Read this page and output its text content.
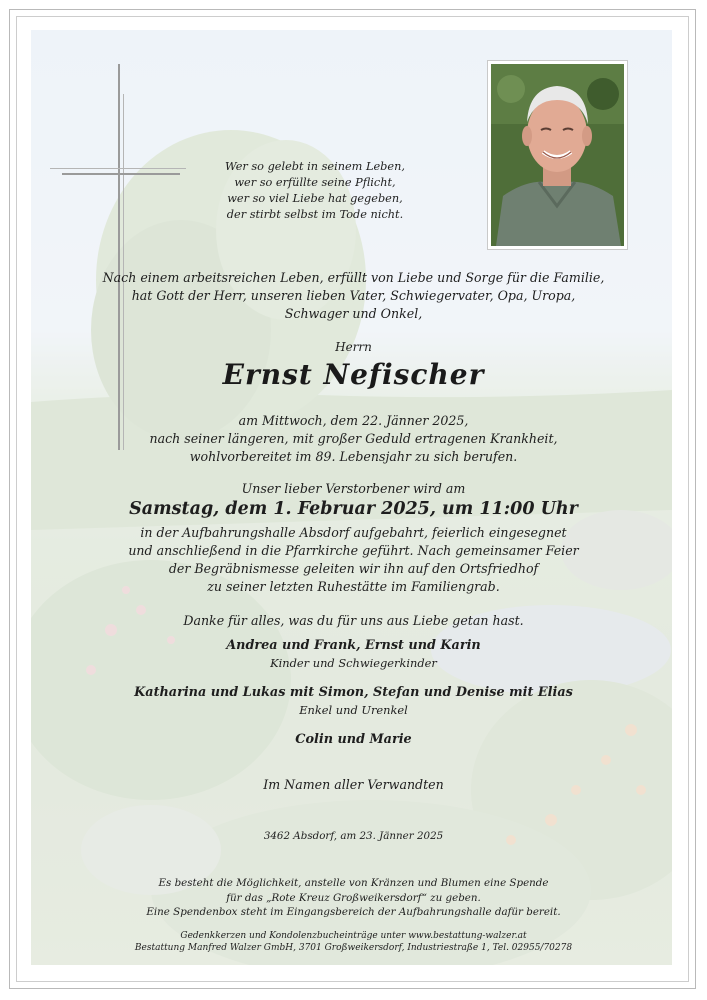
Wer so gelebt in seinem Leben,
wer so erfüllte seine Pflicht,
wer so viel Liebe hat gegeben,
der stirbt selbst im Tode nicht.
Nach einem arbeitsreichen Leben, erfüllt von Liebe und Sorge für die Familie,
hat Gott der Herr, unseren lieben Vater, Schwiegervater, Opa, Uropa,
Schwager und Onkel,
Herrn
Ernst Nefischer
am Mittwoch, dem 22. Jänner 2025,
nach seiner längeren, mit großer Geduld ertragenen Krankheit,
wohlvorbereitet im 89. Lebensjahr zu sich berufen.
Unser lieber Verstorbener wird am
Samstag, dem 1. Februar 2025, um 11:00 Uhr
in der Aufbahrungshalle Absdorf aufgebahrt, feierlich eingesegnet
und anschließend in die Pfarrkirche geführt. Nach gemeinsamer Feier
der Begräbnismesse geleiten wir ihn auf den Ortsfriedhof
zu seiner letzten Ruhestätte im Familiengrab.
Danke für alles, was du für uns aus Liebe getan hast.
Andrea und Frank, Ernst und Karin
Kinder und Schwiegerkinder
Katharina und Lukas mit Simon, Stefan und Denise mit Elias
Enkel und Urenkel
Colin und Marie
Im Namen aller Verwandten
3462 Absdorf, am 23. Jänner 2025
Es besteht die Möglichkeit, anstelle von Kränzen und Blumen eine Spende
für das „Rote Kreuz Großweikersdorf“ zu geben.
Eine Spendenbox steht im Eingangsbereich der Aufbahrungshalle dafür bereit.
Gedenkkerzen und Kondolenzbucheinträge unter www.bestattung-walzer.at
Bestattung Manfred Walzer GmbH, 3701 Großweikersdorf, Industriestraße 1, Tel. 02955/70278
